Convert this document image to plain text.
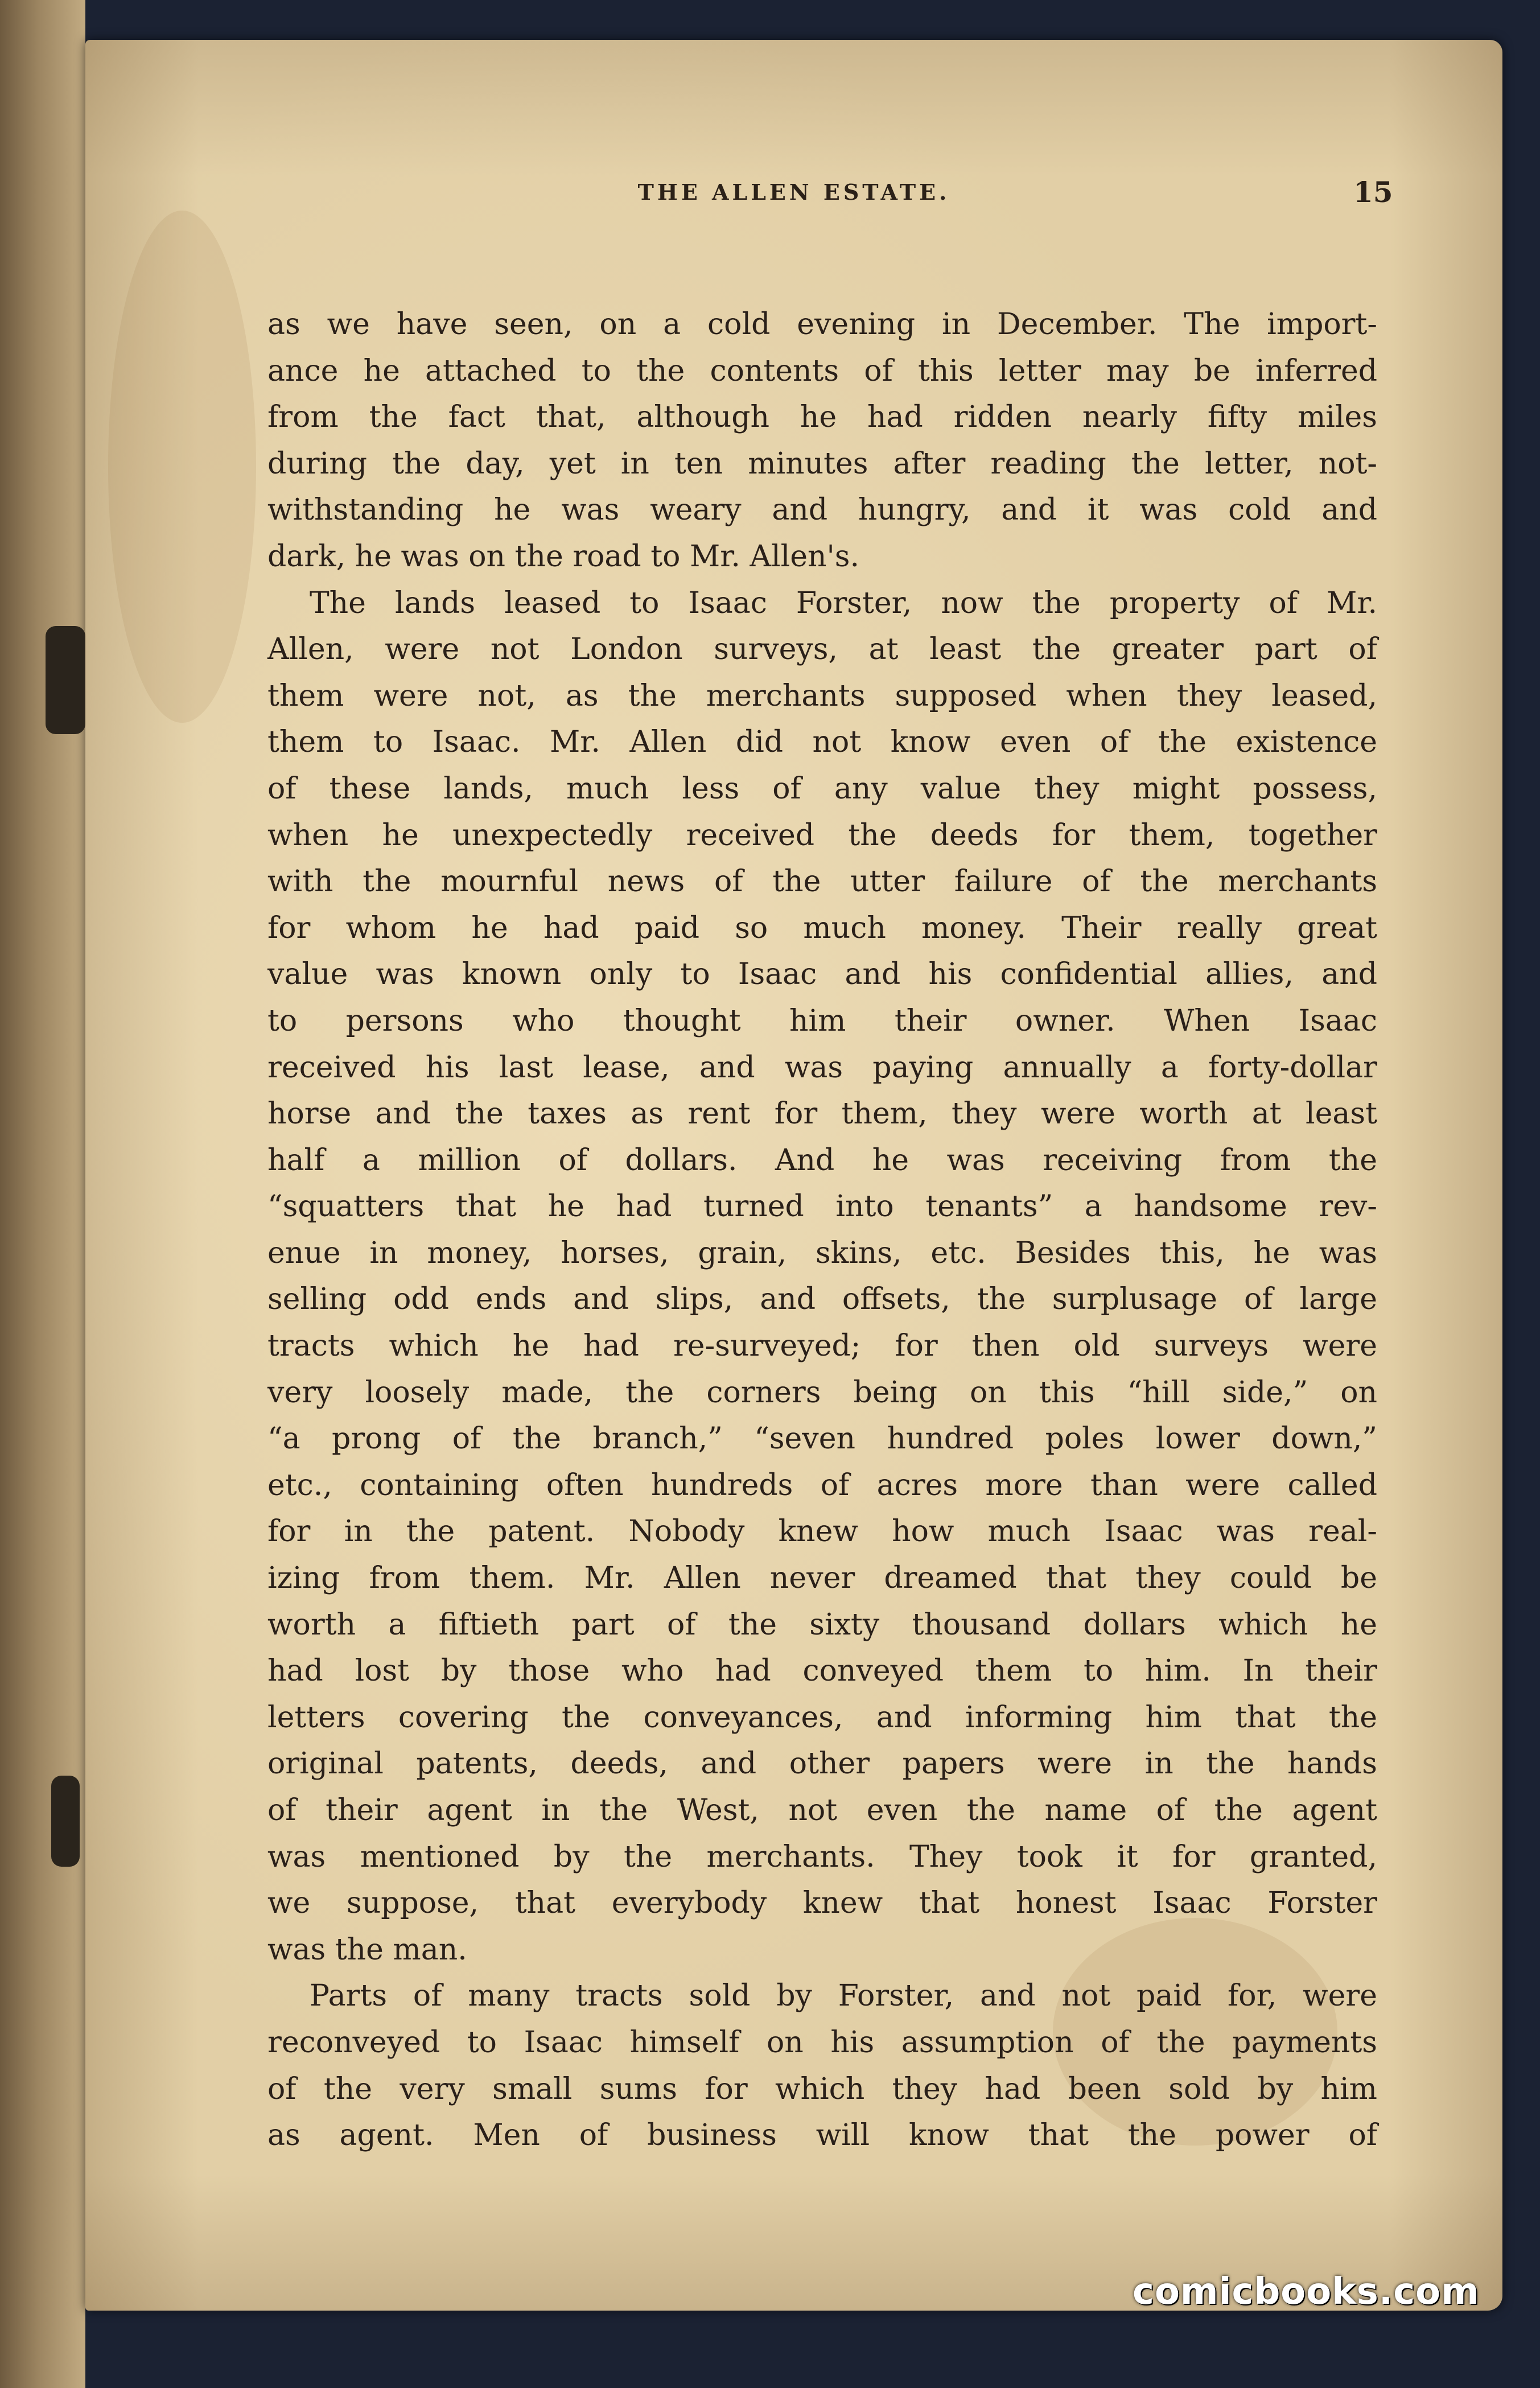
THE ALLEN ESTATE.	15
as we have seen, on a cold evening in December. The import-
ance he attached to the contents of this letter may be inferred
from the fact that, although he had ridden nearly fifty miles
during the day, yet in ten minutes after reading the letter, not-
withstanding he was weary and hungry, and it was cold and
dark, he was on the road to Mr. Allen's.
The lands leased to Isaac Forster, now the property of Mr.
Allen, were not London surveys, at least the greater part of
them were not, as the merchants supposed when they leased,
them to Isaac. Mr. Allen did not know even of the existence
of these lands, much less of any value they might possess,
when he unexpectedly received the deeds for them, together
with the mournful news of the utter failure of the merchants
for whom he had paid so much money. Their really great
value was known only to Isaac and his confidential allies, and
to persons who thought him their owner. When Isaac
received his last lease, and was paying annually a forty-dollar
horse and the taxes as rent for them, they were worth at least
half a million of dollars. And he was receiving from the
“squatters that he had turned into tenants” a handsome rev-
enue in money, horses, grain, skins, etc. Besides this, he was
selling odd ends and slips, and offsets, the surplusage of large
tracts which he had re-surveyed; for then old surveys were
very loosely made, the corners being on this “hill side,” on
“a prong of the branch,” “seven hundred poles lower down,”
etc., containing often hundreds of acres more than were called
for in the patent. Nobody knew how much Isaac was real-
izing from them. Mr. Allen never dreamed that they could be
worth a fiftieth part of the sixty thousand dollars which he
had lost by those who had conveyed them to him. In their
letters covering the conveyances, and informing him that the
original patents, deeds, and other papers were in the hands
of their agent in the West, not even the name of the agent
was mentioned by the merchants. They took it for granted,
we suppose, that everybody knew that honest Isaac Forster
was the man.
Parts of many tracts sold by Forster, and not paid for, were
reconveyed to Isaac himself on his assumption of the payments
of the very small sums for which they had been sold by him
as agent. Men of business will know that the power of
comicbooks.com
